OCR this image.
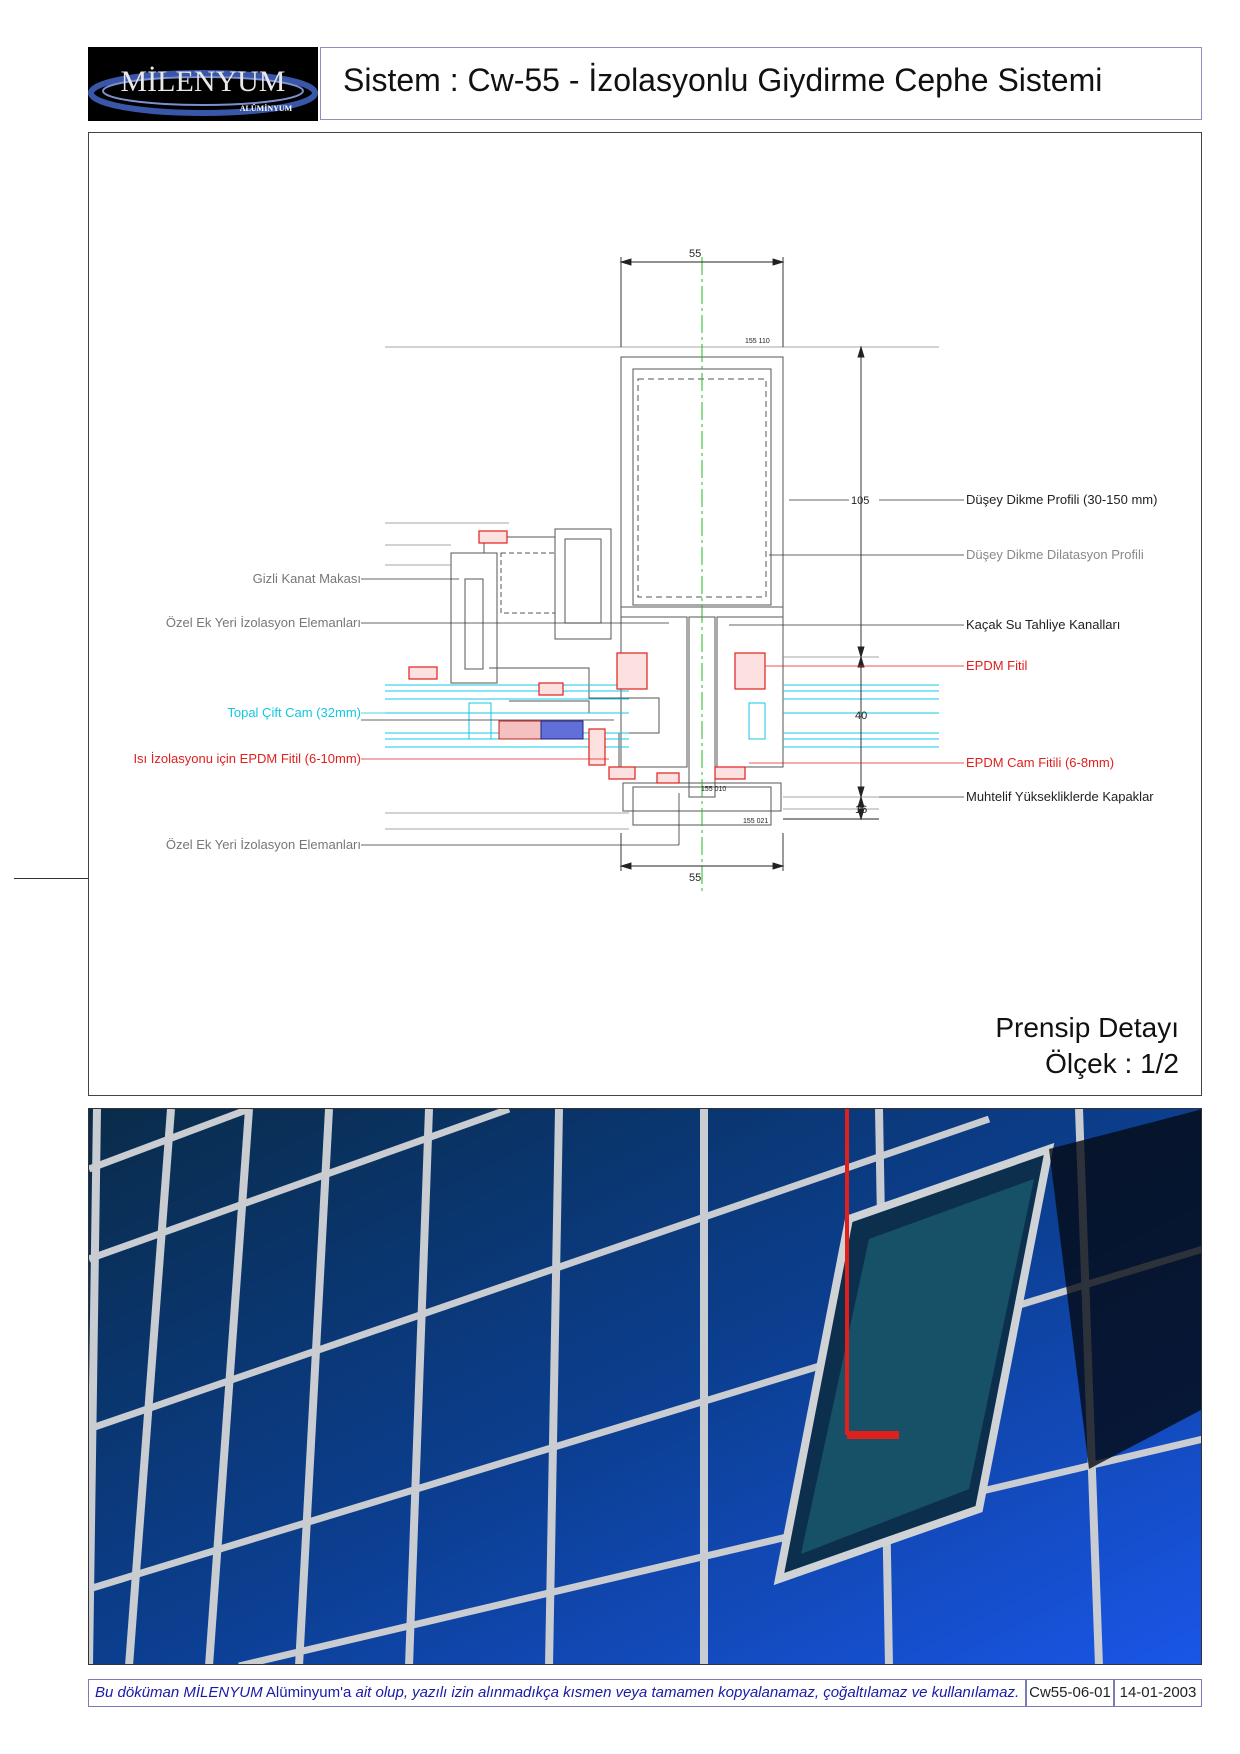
MİLENYUM
ALÜMİNYUM
Sistem : Cw-55 - İzolasyonlu Giydirme Cephe Sistemi
55
55
105
40
16
155 110
155 010
155 021
Gizli Kanat Makası
Özel Ek Yeri İzolasyon Elemanları
Topal Çift Cam (32mm)
Isı İzolasyonu için EPDM Fitil (6-10mm)
Özel Ek Yeri İzolasyon Elemanları
Düşey Dikme Profili (30-150 mm)
Düşey Dikme Dilatasyon Profili
Kaçak Su Tahliye Kanalları
EPDM Fitil
EPDM Cam Fitili (6-8mm)
Muhtelif Yüksekliklerde Kapaklar
Prensip Detayı
Ölçek : 1/2
Bu döküman MİLENYUM Alüminyum'a ait olup, yazılı izin alınmadıkça kısmen veya tamamen kopyalanamaz, çoğaltılamaz ve kullanılamaz. Cw55-06-01 14-01-2003
